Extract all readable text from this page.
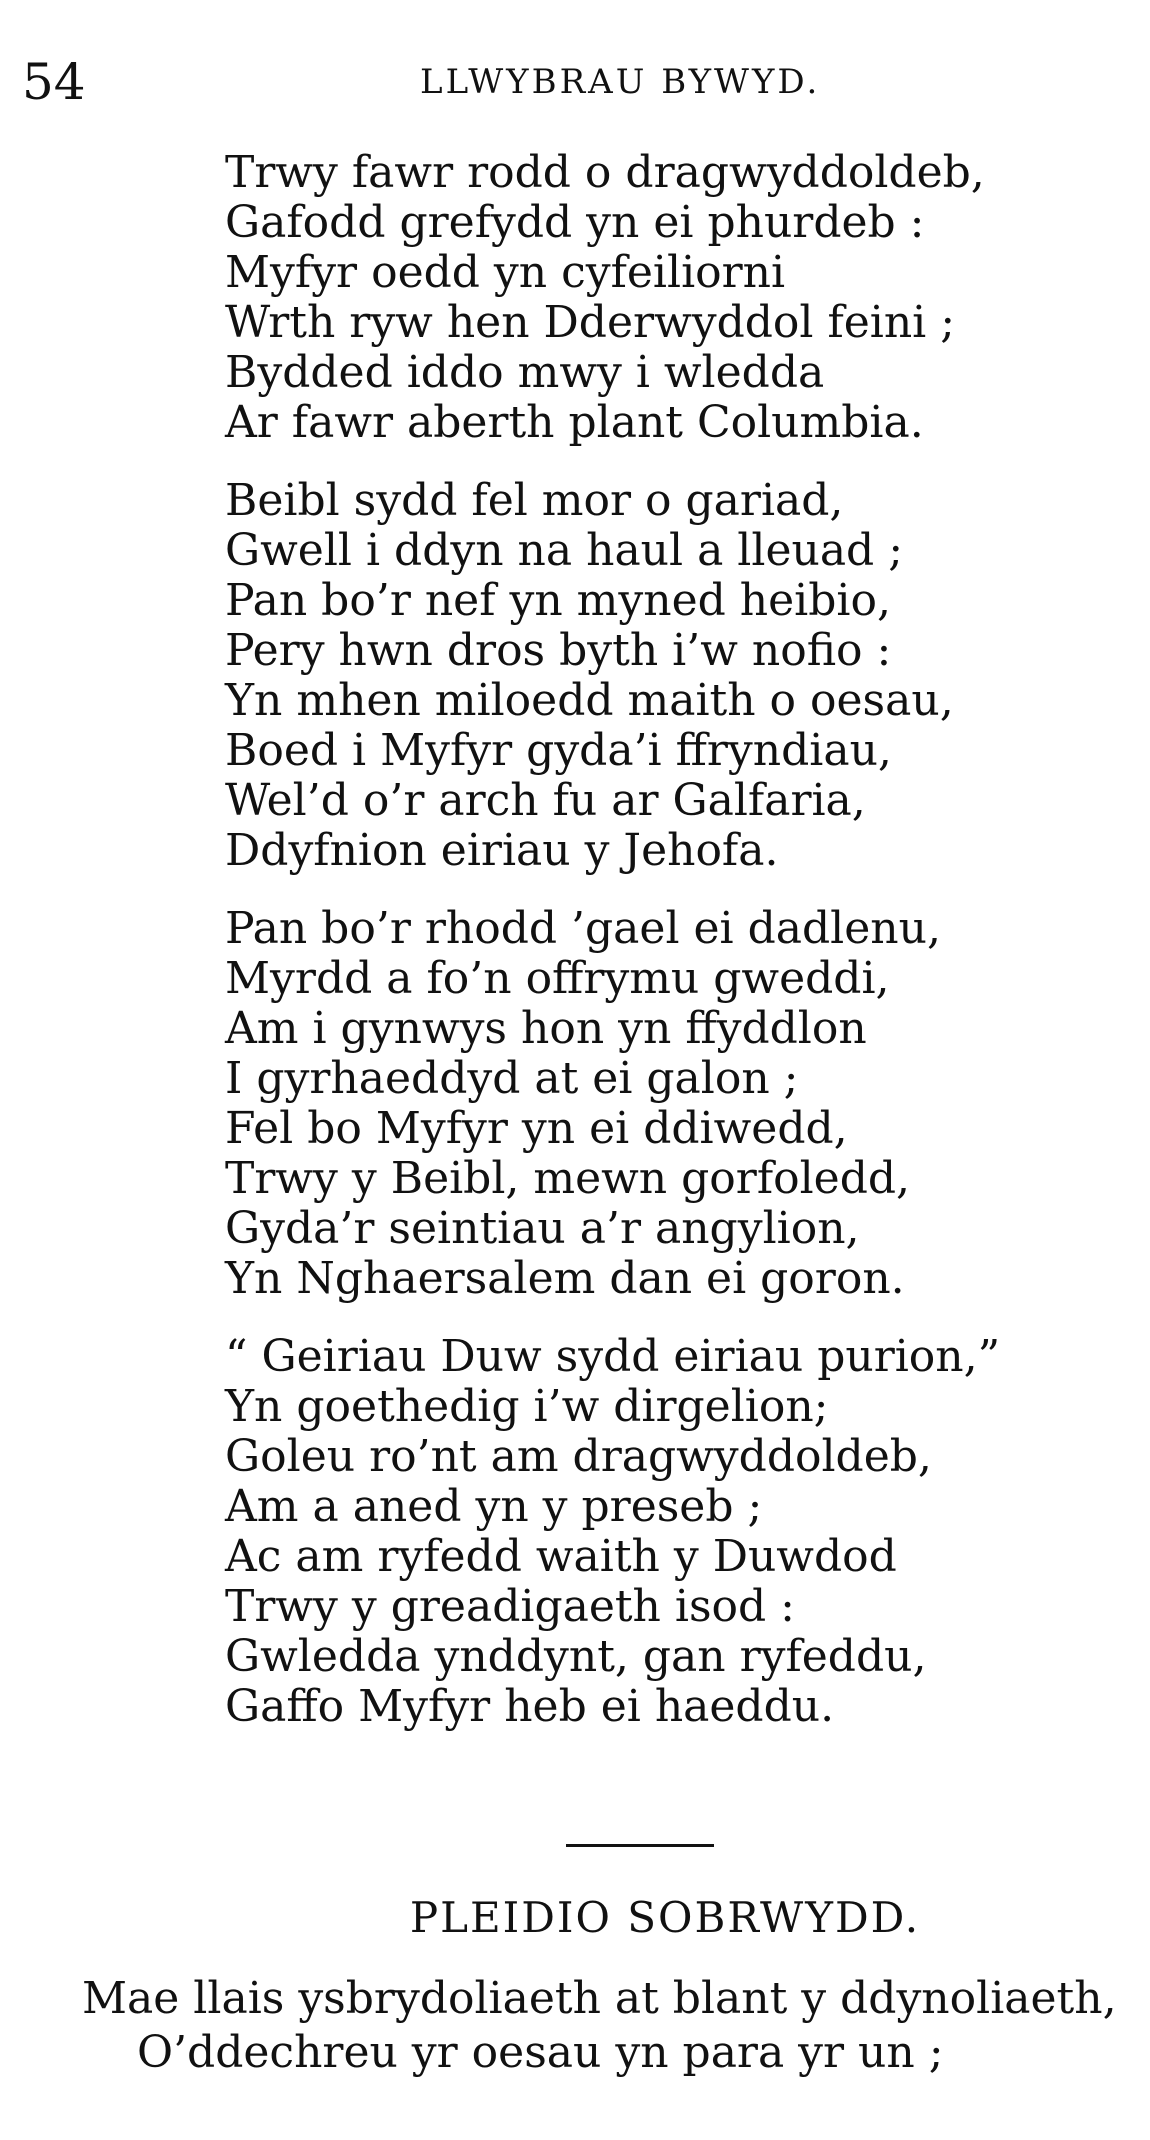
54	LLWYBRAU BYWYD.
Trwy fawr rodd o dragwyddoldeb,
Gafodd grefydd yn ei phurdeb :
Myfyr oedd yn cyfeiliorni
Wrth ryw hen Dderwyddol feini ;
Bydded iddo mwy i wledda
Ar fawr aberth plant Columbia.
Beibl sydd fel mor o gariad,
Gwell i ddyn na haul a lleuad ;
Pan bo’r nef yn myned heibio,
Pery hwn dros byth i’w nofio :
Yn mhen miloedd maith o oesau,
Boed i Myfyr gyda’i ffryndiau,
Wel’d o’r arch fu ar Galfaria,
Ddyfnion eiriau y Jehofa.
Pan bo’r rhodd ’gael ei dadlenu,
Myrdd a fo’n offrymu gweddi,
Am i gynwys hon yn ffyddlon
I gyrhaeddyd at ei galon ;
Fel bo Myfyr yn ei ddiwedd,
Trwy y Beibl, mewn gorfoledd,
Gyda’r seintiau a’r angylion,
Yn Nghaersalem dan ei goron.
“ Geiriau Duw sydd eiriau purion,”
Yn goethedig i’w dirgelion;
Goleu ro’nt am dragwyddoldeb,
Am a aned yn y preseb ;
Ac am ryfedd waith y Duwdod
Trwy y greadigaeth isod :
Gwledda ynddynt, gan ryfeddu,
Gaffo Myfyr heb ei haeddu.
PLEIDIO SOBRWYDD.
Mae llais ysbrydoliaeth at blant y ddynoliaeth,
O’ddechreu yr oesau yn para yr un ;
